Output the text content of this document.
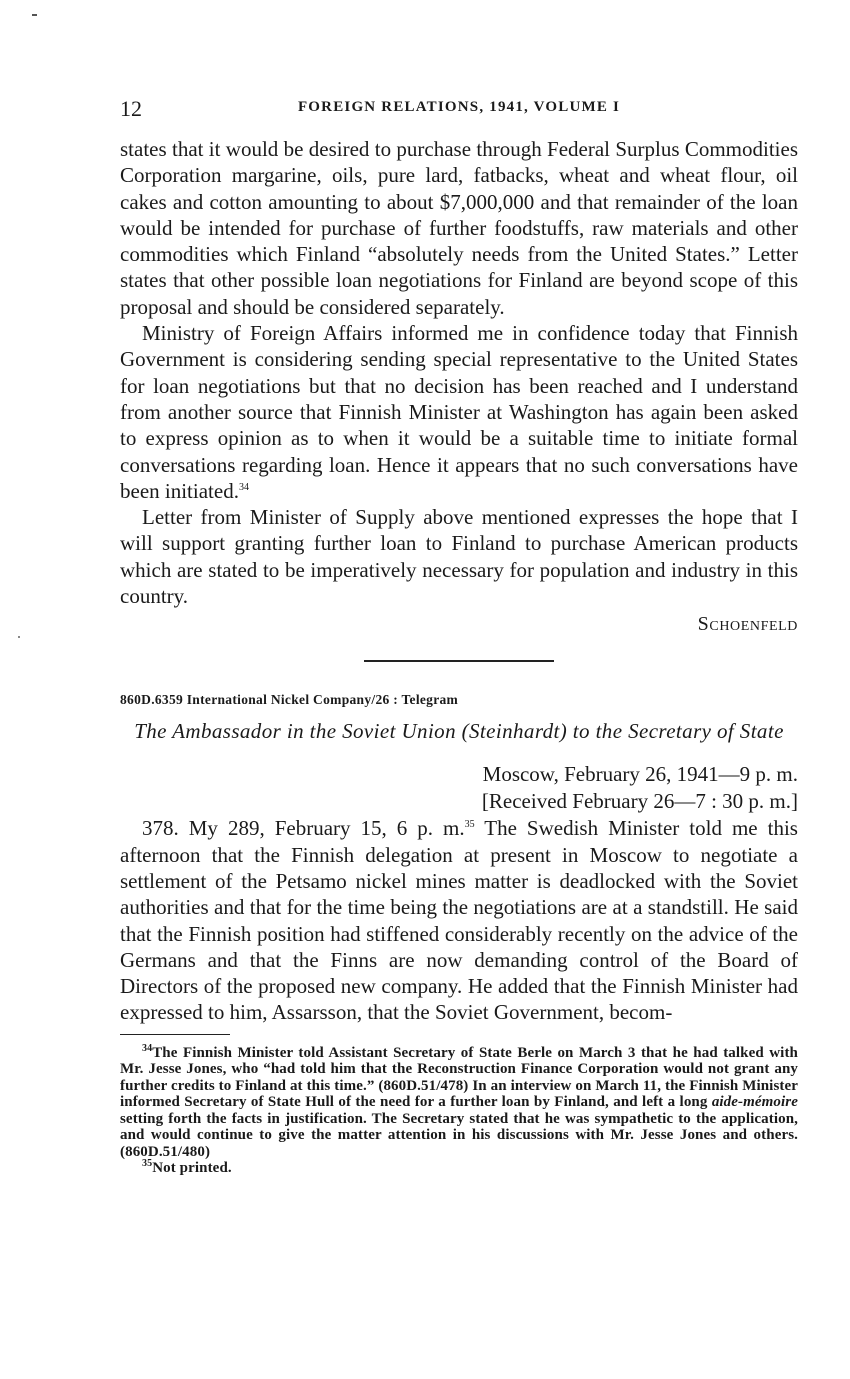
12	FOREIGN RELATIONS, 1941, VOLUME I

states that it would be desired to purchase through Federal Surplus Commodities Corporation margarine, oils, pure lard, fatbacks, wheat and wheat flour, oil cakes and cotton amounting to about $7,000,000 and that remainder of the loan would be intended for purchase of further foodstuffs, raw materials and other commodities which Finland “absolutely needs from the United States.” Letter states that other possible loan negotiations for Finland are beyond scope of this proposal and should be considered separately.

Ministry of Foreign Affairs informed me in confidence today that Finnish Government is considering sending special representative to the United States for loan negotiations but that no decision has been reached and I understand from another source that Finnish Minister at Washington has again been asked to express opinion as to when it would be a suitable time to initiate formal conversations regarding loan. Hence it appears that no such conversations have been initiated.$^{34}$

Letter from Minister of Supply above mentioned expresses the hope that I will support granting further loan to Finland to purchase American products which are stated to be imperatively necessary for population and industry in this country.

Schoenfeld
860D.6359 International Nickel Company/26 : Telegram
The Ambassador in the Soviet Union (Steinhardt) to the Secretary of State
Moscow, February 26, 1941—9 p. m.
[Received February 26—7 : 30 p. m.]

378. My 289, February 15, 6 p. m.$^{35}$ The Swedish Minister told me this afternoon that the Finnish delegation at present in Moscow to negotiate a settlement of the Petsamo nickel mines matter is deadlocked with the Soviet authorities and that for the time being the negotiations are at a standstill. He said that the Finnish position had stiffened considerably recently on the advice of the Germans and that the Finns are now demanding control of the Board of Directors of the proposed new company. He added that the Finnish Minister had expressed to him, Assarsson, that the Soviet Government, becom-

$^{34}$The Finnish Minister told Assistant Secretary of State Berle on March 3 that he had talked with Mr. Jesse Jones, who “had told him that the Reconstruction Finance Corporation would not grant any further credits to Finland at this time.” (860D.51/478) In an interview on March 11, the Finnish Minister informed Secretary of State Hull of the need for a further loan by Finland, and left a long aide-mémoire setting forth the facts in justification. The Secretary stated that he was sympathetic to the application, and would continue to give the matter attention in his discussions with Mr. Jesse Jones and others. (860D.51/480)

$^{35}$Not printed.
